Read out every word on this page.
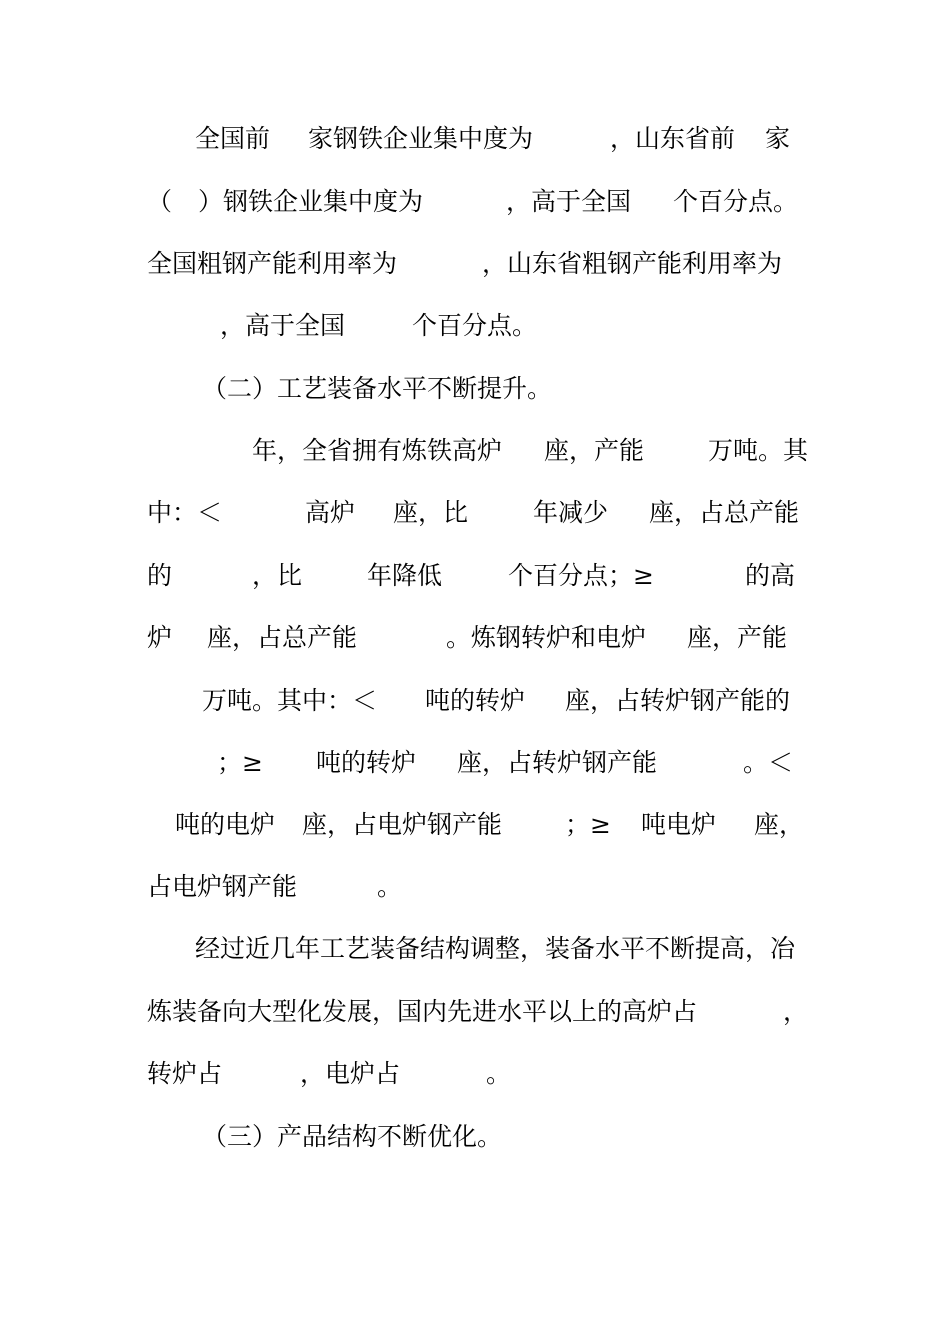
全国前 家钢铁企业集中度为	，山东省前 家
（ ）钢铁企业集中度为	，高于全国 个百分点。
全国粗钢产能利用率为	，山东省粗钢产能利用率为
，高于全国	个百分点。
（二）工艺装备水平不断提升。
年，全省拥有炼铁高炉 座，产能	万吨。其
中：＜	高炉 座，比	年减少 座，占总产能
的	，比	年降低	个百分点；≥	的高
炉 座，占总产能	。炼钢转炉和电炉 座，产能
万吨。其中：＜ 吨的转炉 座，占转炉钢产能的
；≥ 吨的转炉 座，占转炉钢产能	。＜
吨的电炉 座，占电炉钢产能	；≥ 吨电炉 座，
占电炉钢产能	。
经过近几年工艺装备结构调整，装备水平不断提高，冶
炼装备向大型化发展，国内先进水平以上的高炉占	，
转炉占	，电炉占	。
（三）产品结构不断优化。
